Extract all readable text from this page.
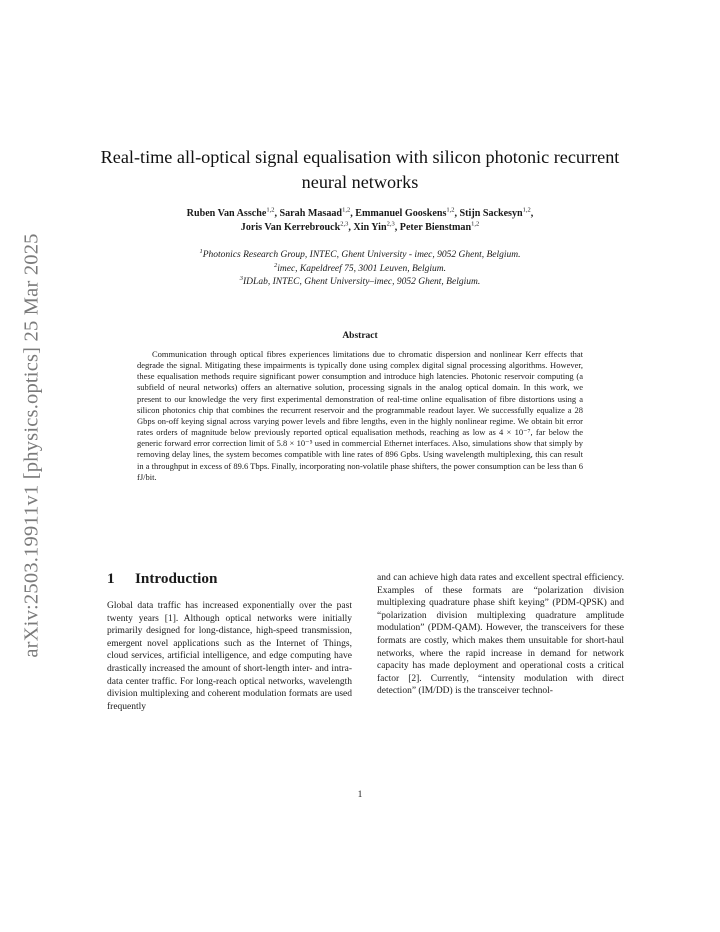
arXiv:2503.19911v1 [physics.optics] 25 Mar 2025
Real-time all-optical signal equalisation with silicon photonic recurrent neural networks
Ruben Van Assche$^{1,2}$, Sarah Masaad$^{1,2}$, Emmanuel Gooskens$^{1,2}$, Stijn Sackesyn$^{1,2}$,
Joris Van Kerrebrouck$^{2,3}$, Xin Yin$^{2,3}$, Peter Bienstman$^{1,2}$
$^1$Photonics Research Group, INTEC, Ghent University - imec, 9052 Ghent, Belgium.
$^2$imec, Kapeldreef 75, 3001 Leuven, Belgium.
$^3$IDLab, INTEC, Ghent University–imec, 9052 Ghent, Belgium.
Abstract

Communication through optical fibres experiences limitations due to chromatic dispersion and nonlinear Kerr effects that degrade the signal. Mitigating these impairments is typically done using complex digital signal processing algorithms. However, these equalisation methods require significant power consumption and introduce high latencies. Photonic reservoir computing (a subfield of neural networks) offers an alternative solution, processing signals in the analog optical domain. In this work, we present to our knowledge the very first experimental demonstration of real-time online equalisation of fibre distortions using a silicon photonics chip that combines the recurrent reservoir and the programmable readout layer. We successfully equalize a 28 Gbps on-off keying signal across varying power levels and fibre lengths, even in the highly nonlinear regime. We obtain bit error rates orders of magnitude below previously reported optical equalisation methods, reaching as low as 4 × 10⁻⁷, far below the generic forward error correction limit of 5.8 × 10⁻⁵ used in commercial Ethernet interfaces. Also, simulations show that simply by removing delay lines, the system becomes compatible with line rates of 896 Gpbs. Using wavelength multiplexing, this can result in a throughput in excess of 89.6 Tbps. Finally, incorporating non-volatile phase shifters, the power consumption can be less than 6 fJ/bit.

1 Introduction

Global data traffic has increased exponentially over the past twenty years [1]. Although optical networks were initially primarily designed for long-distance, high-speed transmission, emergent novel applications such as the Internet of Things, cloud services, artificial intelligence, and edge computing have drastically increased the amount of short-length inter- and intra-data center traffic. For long-reach optical networks, wavelength division multiplexing and coherent modulation formats are used frequently

and can achieve high data rates and excellent spectral efficiency. Examples of these formats are “polarization division multiplexing quadrature phase shift keying” (PDM-QPSK) and “polarization division multiplexing quadrature amplitude modulation” (PDM-QAM). However, the transceivers for these formats are costly, which makes them unsuitable for short-haul networks, where the rapid increase in demand for network capacity has made deployment and operational costs a critical factor [2]. Currently, “intensity modulation with direct detection” (IM/DD) is the transceiver technol-

1
